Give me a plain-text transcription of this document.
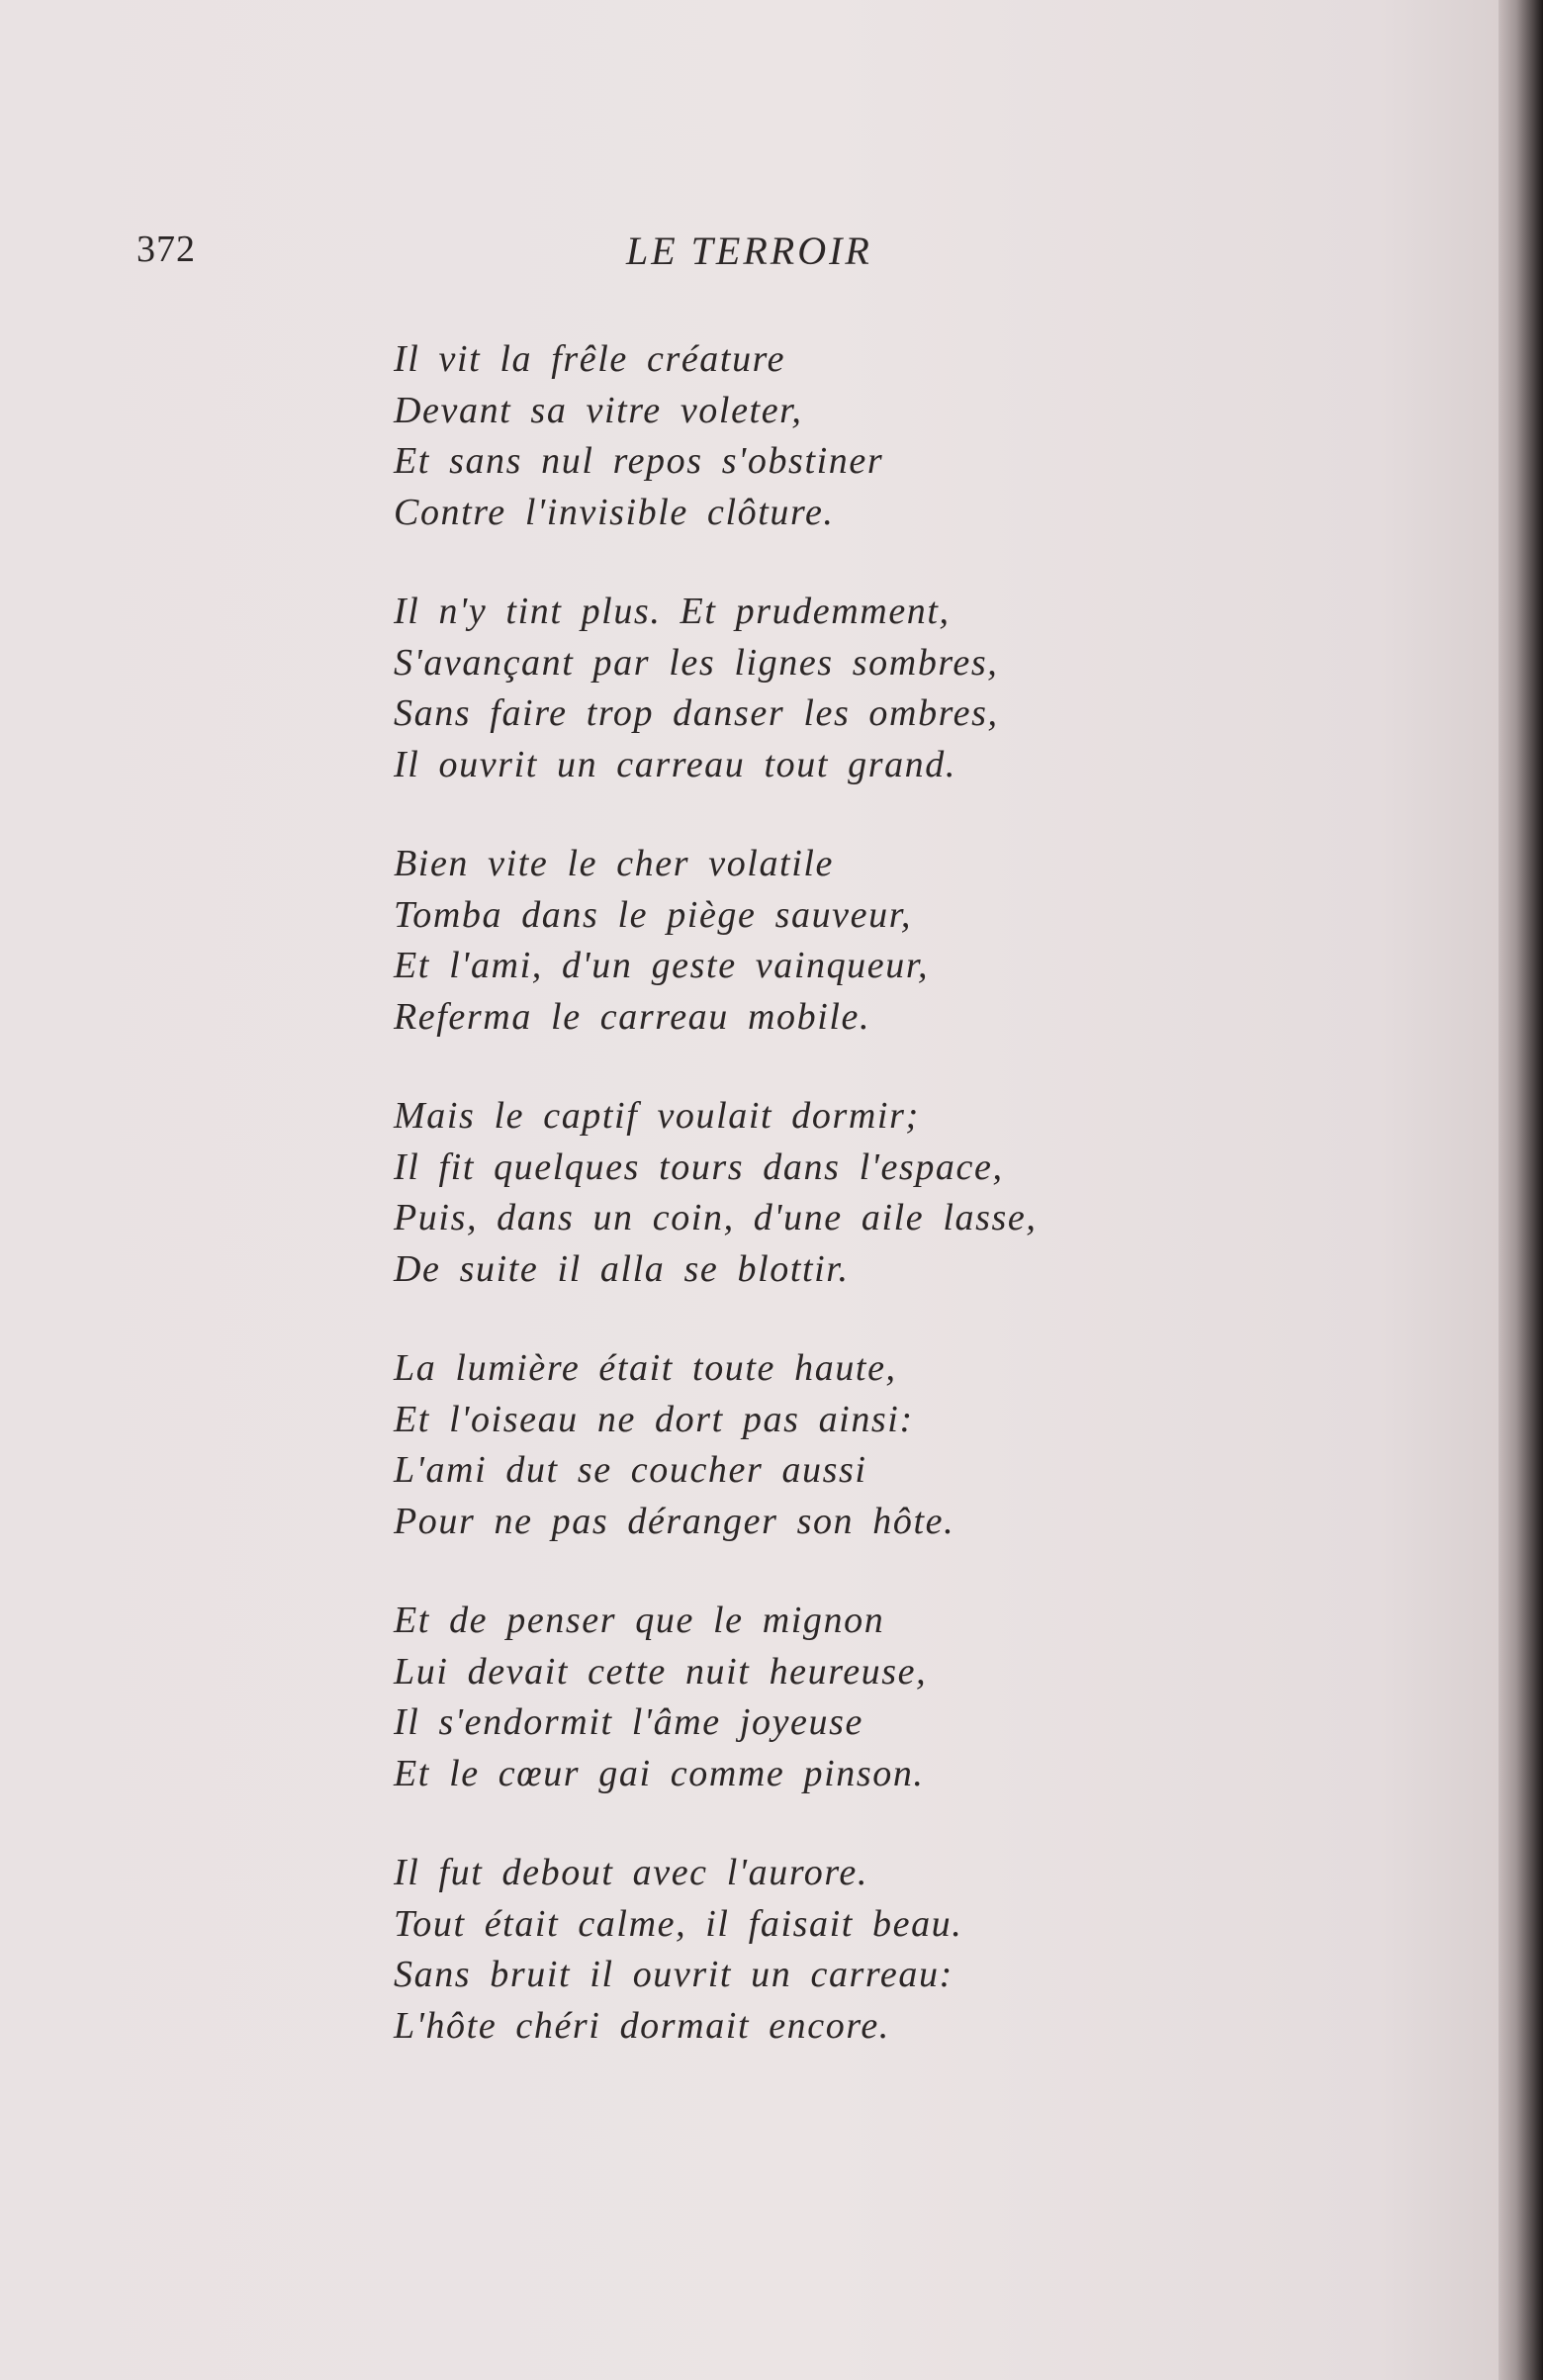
372	LE TERROIR
Il vit la frêle créature
Devant sa vitre voleter,
Et sans nul repos s'obstiner
Contre l'invisible clôture.
Il n'y tint plus. Et prudemment,
S'avançant par les lignes sombres,
Sans faire trop danser les ombres,
Il ouvrit un carreau tout grand.
Bien vite le cher volatile
Tomba dans le piège sauveur,
Et l'ami, d'un geste vainqueur,
Referma le carreau mobile.
Mais le captif voulait dormir;
Il fit quelques tours dans l'espace,
Puis, dans un coin, d'une aile lasse,
De suite il alla se blottir.
La lumière était toute haute,
Et l'oiseau ne dort pas ainsi:
L'ami dut se coucher aussi
Pour ne pas déranger son hôte.
Et de penser que le mignon
Lui devait cette nuit heureuse,
Il s'endormit l'âme joyeuse
Et le cœur gai comme pinson.
Il fut debout avec l'aurore.
Tout était calme, il faisait beau.
Sans bruit il ouvrit un carreau:
L'hôte chéri dormait encore.
